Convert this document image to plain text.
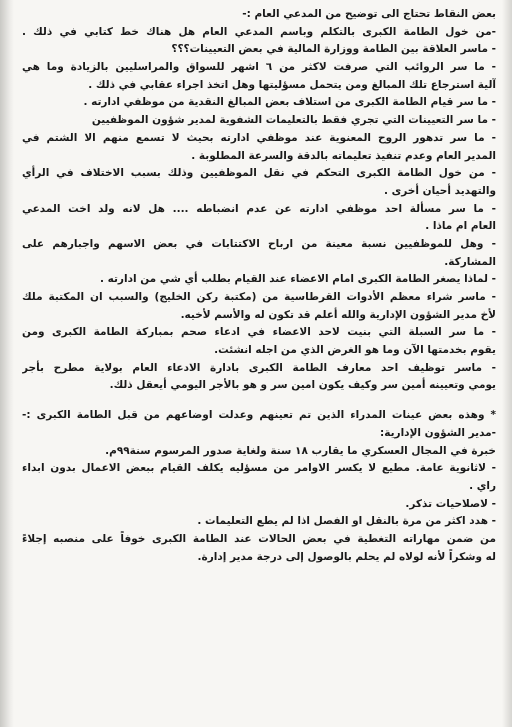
بعض النقاط تحتاج الى توضيح من المدعي العام :-
-من خول الطامة الكبرى بالتكلم وباسم المدعي العام هل هناك خط كتابي في ذلك .
- ماسر العلاقة بين الطامة ووزارة المالية في بعض التعيينات؟؟؟
- ما سر الروائب التي صرفت لاكثر من ٦ اشهر للسواق والمراسليين بالزيادة وما هي
آلية استرجاع تلك المبالغ ومن يتحمل مسؤليتها وهل اتخذ اجراء عقابي في ذلك .
- ما سر قيام الطامة الكبرى من استلاف بعض المبالغ النقدية من موظفي ادارته .
- ما سر التعيينات التي تجري فقط بالتعليمات الشفوية لمدير شؤون الموظفيين
- ما سر تدهور الروح المعنوية عند موظفي ادارته بحيث لا تسمع منهم الا الشتم في
المدير العام وعدم تنفيذ تعليماته بالدقة والسرعة المطلوبة .
- من خول الطامة الكبرى التحكم في نقل الموظفيين وذلك بسبب الاختلاف في الرأي
والتهديد أحيان أخرى .
- ما سر مسألة احد موظفي ادارته عن عدم انضباطه .... هل لانه ولد اخت المدعي
العام ام ماذا .
- وهل للموظفيين نسبة معينة من ارباح الاكتتابات في بعض الاسهم واجبارهم على
المشاركة.
- لماذا يصغر الطامة الكبرى امام الاعضاء عند القيام بطلب أي شي من ادارته .
- ماسر شراء معظم الأدوات القرطاسية من (مكتبة ركن الخليج) والسبب ان المكتبة ملك
لأخ مدير الشؤون الإدارية والله أعلم قد تكون له والأسم لأخيه.
- ما سر السبلة التي بنيت لاحد الاعضاء في ادعاء صحم بمباركة الطامة الكبرى ومن
يقوم بخدمتها الآن وما هو الغرض الذي من اجله انشئت.
- ماسر توظيف احد معارف الطامة الكبرى بادارة الادعاء العام بولاية مطرح بأجر
يومي وتعيينه أمين سر وكيف يكون امين سر و هو بالأجر اليومي أيعقل ذلك.
* وهذه بعض عينات المدراء الذين تم تعينهم وعدلت اوضاعهم من قبل الطامة الكبرى :-
-مدير الشؤون الإدارية:
خبرة في المجال العسكري ما يقارب ١٨ سنة ولغاية صدور المرسوم سنة٩٩م.
- لاثانوية عامة. مطيع لا يكسر الاوامر من مسؤليه يكلف القيام ببعض الاعمال بدون ابداء
راي .
- لاصلاحيات تذكر.
- هدد اكثر من مرة بالنقل او الفصل اذا لم يطع التعليمات .
من ضمن مهاراته التغطية في بعض الحالات عند الطامة الكبرى خوفاً على منصبه إجلاءً
له وشكراً لأنه لولاه لم يحلم بالوصول إلى درجة مدير إدارة.
